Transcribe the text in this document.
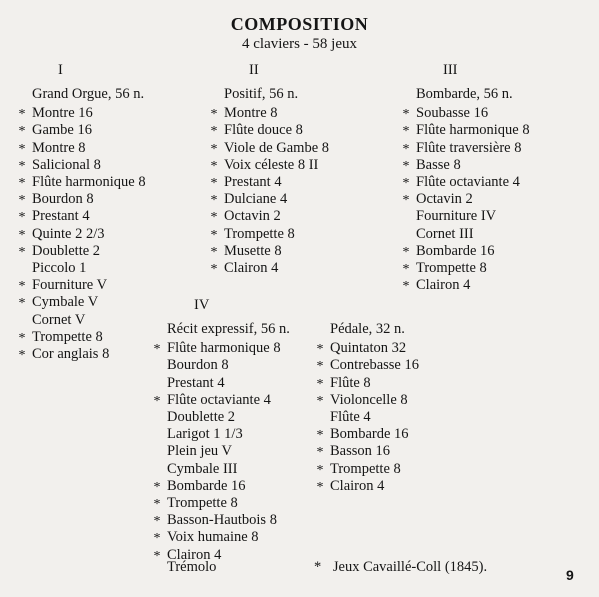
COMPOSITION
4 claviers - 58 jeux
I	II	III
IV
Grand Orgue, 56 n.
* Montre 16
* Gambe 16
* Montre 8
* Salicional 8
* Flûte harmonique 8
* Bourdon 8
* Prestant 4
* Quinte 2 2/3
* Doublette 2
Piccolo 1
* Fourniture V
* Cymbale V
Cornet V
* Trompette 8
* Cor anglais 8
Positif, 56 n.
* Montre 8
* Flûte douce 8
* Viole de Gambe 8
* Voix céleste 8 II
* Prestant 4
* Dulciane 4
* Octavin 2
* Trompette 8
* Musette 8
* Clairon 4
Bombarde, 56 n.
* Soubasse 16
* Flûte harmonique 8
* Flûte traversière 8
* Basse 8
* Flûte octaviante 4
* Octavin 2
Fourniture IV
Cornet III
* Bombarde 16
* Trompette 8
* Clairon 4
Récit expressif, 56 n.
* Flûte harmonique 8
Bourdon 8
Prestant 4
* Flûte octaviante 4
Doublette 2
Larigot 1 1/3
Plein jeu V
Cymbale III
* Bombarde 16
* Trompette 8
* Basson-Hautbois 8
* Voix humaine 8
* Clairon 4
Pédale, 32 n.
* Quintaton 32
* Contrebasse 16
* Flûte 8
* Violoncelle 8
Flûte 4
* Bombarde 16
* Basson 16
* Trompette 8
* Clairon 4
Trémolo	* Jeux Cavaillé-Coll (1845).	9
